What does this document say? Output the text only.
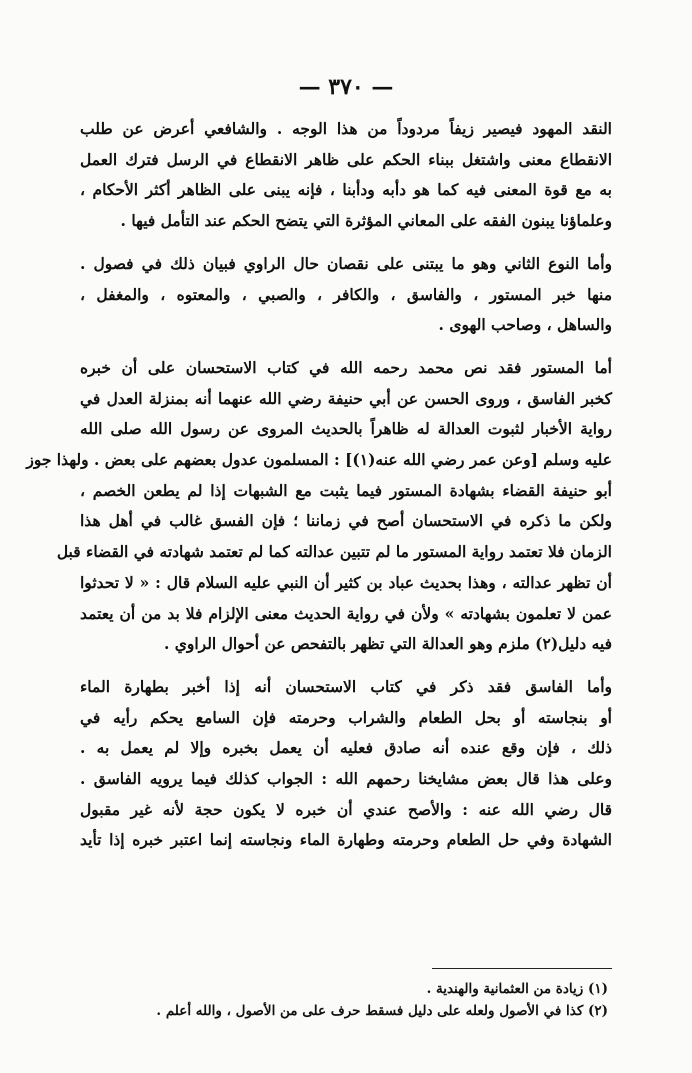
— ٣٧٠ —
النقد المهود فيصير زيفاً مردوداً من هذا الوجه . والشافعي أعرض عن طلب
الانقطاع معنى واشتغل ببناء الحكم على ظاهر الانقطاع في الرسل فترك العمل
به مع قوة المعنى فيه كما هو دأبه ودأبنا ، فإنه يبنى على الظاهر أكثر الأحكام ،
وعلماؤنا يبنون الفقه على المعاني المؤثرة التي يتضح الحكم عند التأمل فيها .
وأما النوع الثاني وهو ما يبتنى على نقصان حال الراوي فبيان ذلك في فصول .
منها خبر المستور ، والفاسق ، والكافر ، والصبي ، والمعتوه ، والمغفل ،
والساهل ، وصاحب الهوى .
أما المستور فقد نص محمد رحمه الله في كتاب الاستحسان على أن خبره
كخبر الفاسق ، وروى الحسن عن أبي حنيفة رضي الله عنهما أنه بمنزلة العدل في
رواية الأخبار لثبوت العدالة له ظاهراً بالحديث المروى عن رسول الله صلى الله
عليه وسلم [وعن عمر رضي الله عنه(١)] : المسلمون عدول بعضهم على بعض . ولهذا جوز
أبو حنيفة القضاء بشهادة المستور فيما يثبت مع الشبهات إذا لم يطعن الخصم ،
ولكن ما ذكره في الاستحسان أصح في زماننا ؛ فإن الفسق غالب في أهل هذا
الزمان فلا تعتمد رواية المستور ما لم تتبين عدالته كما لم تعتمد شهادته في القضاء قبل
أن تظهر عدالته ، وهذا بحديث عباد بن كثير أن النبي عليه السلام قال : « لا تحدثوا
عمن لا تعلمون بشهادته » ولأن في رواية الحديث معنى الإلزام فلا بد من أن يعتمد
فيه دليل(٢) ملزم وهو العدالة التي تظهر بالتفحص عن أحوال الراوي .
وأما الفاسق فقد ذكر في كتاب الاستحسان أنه إذا أخبر بطهارة الماء
أو بنجاسته أو بحل الطعام والشراب وحرمته فإن السامع يحكم رأيه في
ذلك ، فإن وقع عنده أنه صادق فعليه أن يعمل بخبره وإلا لم يعمل به .
وعلى هذا قال بعض مشايخنا رحمهم الله : الجواب كذلك فيما يرويه الفاسق .
قال رضي الله عنه : والأصح عندي أن خبره لا يكون حجة لأنه غير مقبول
الشهادة وفي حل الطعام وحرمته وطهارة الماء ونجاسته إنما اعتبر خبره إذا تأيد
(١) زيادة من العثمانية والهندية .
(٢) كذا في الأصول ولعله على دليل فسقط حرف على من الأصول ، والله أعلم .
